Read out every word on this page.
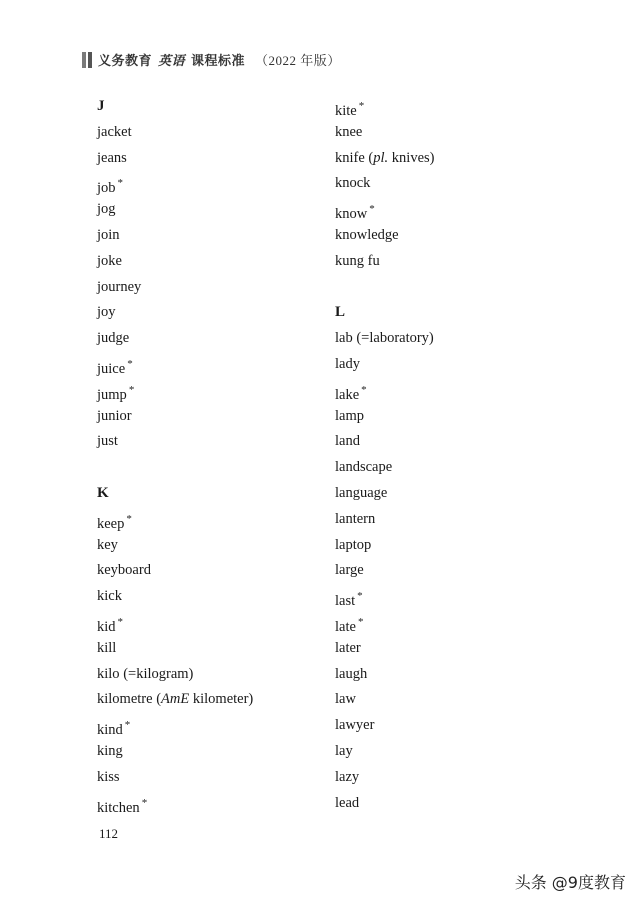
义务教育 英语 课程标准 （2022 年版）
J
jacket
jeans
job *
jog
join
joke
journey
joy
judge
juice *
jump *
junior
just
K
keep *
key
keyboard
kick
kid *
kill
kilo (=kilogram)
kilometre (AmE kilometer)
kind *
king
kiss
kitchen *
kite *
knee
knife (pl. knives)
knock
know *
knowledge
kung fu
L
lab (=laboratory)
lady
lake *
lamp
land
landscape
language
lantern
laptop
large
last *
late *
later
laugh
law
lawyer
lay
lazy
lead
112
头条 @9度教育
